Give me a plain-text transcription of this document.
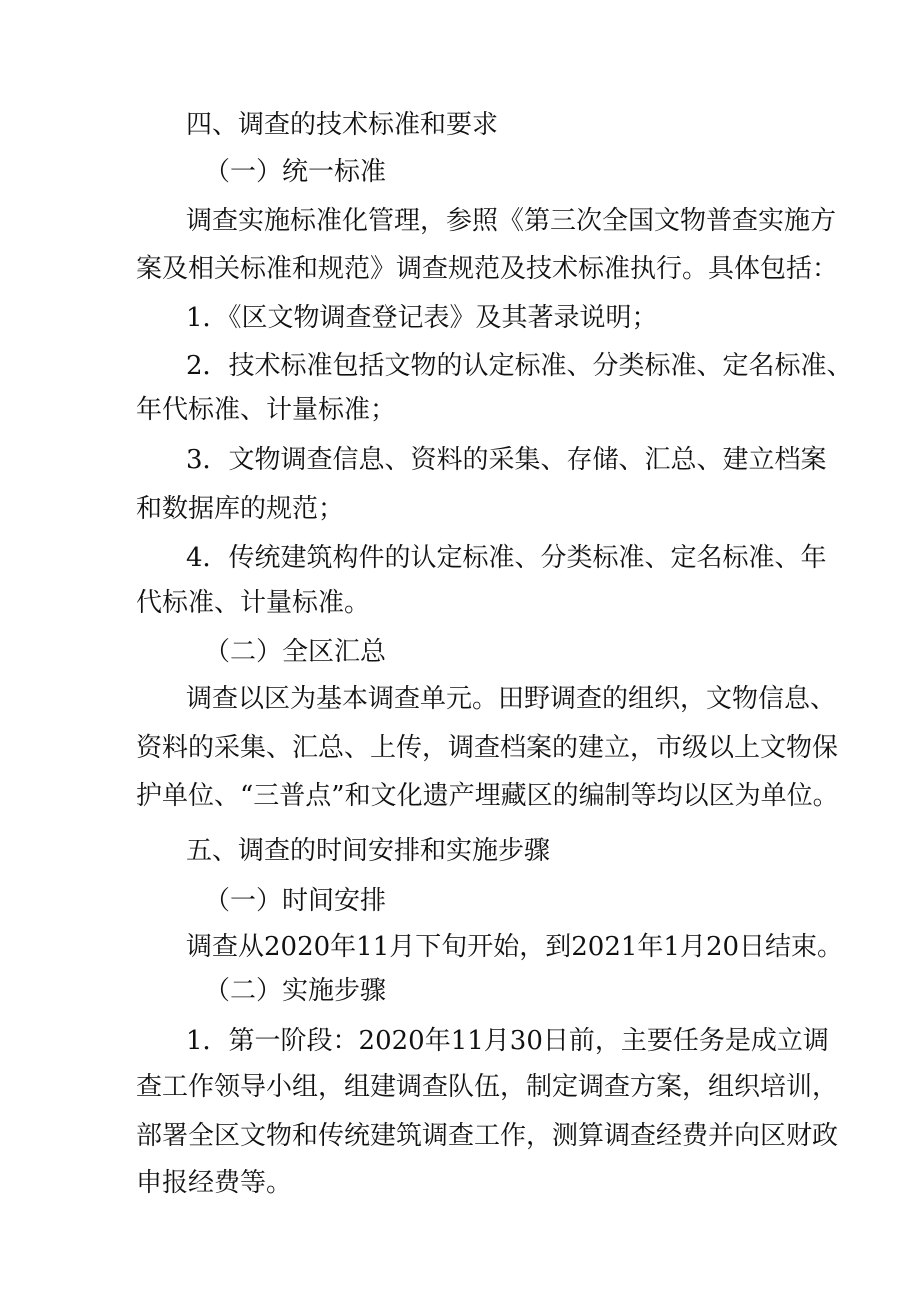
四、调查的技术标准和要求

（一）统一标准

调查实施标准化管理，参照《第三次全国文物普查实施方

案及相关标准和规范》调查规范及技术标准执行。具体包括：

1．《区文物调查登记表》及其著录说明；

2．技术标准包括文物的认定标准、分类标准、定名标准、

年代标准、计量标准；

3．文物调查信息、资料的采集、存储、汇总、建立档案

和数据库的规范；

4．传统建筑构件的认定标准、分类标准、定名标准、年

代标准、计量标准。

（二）全区汇总

调查以区为基本调查单元。田野调查的组织，文物信息、

资料的采集、汇总、上传，调查档案的建立，市级以上文物保

护单位、“三普点”和文化遗产埋藏区的编制等均以区为单位。

五、调查的时间安排和实施步骤

（一）时间安排

调查从2020年11月下旬开始，到2021年1月20日结束。

（二）实施步骤

1．第一阶段：2020年11月30日前，主要任务是成立调

查工作领导小组，组建调查队伍，制定调查方案，组织培训，

部署全区文物和传统建筑调查工作，测算调查经费并向区财政

申报经费等。
